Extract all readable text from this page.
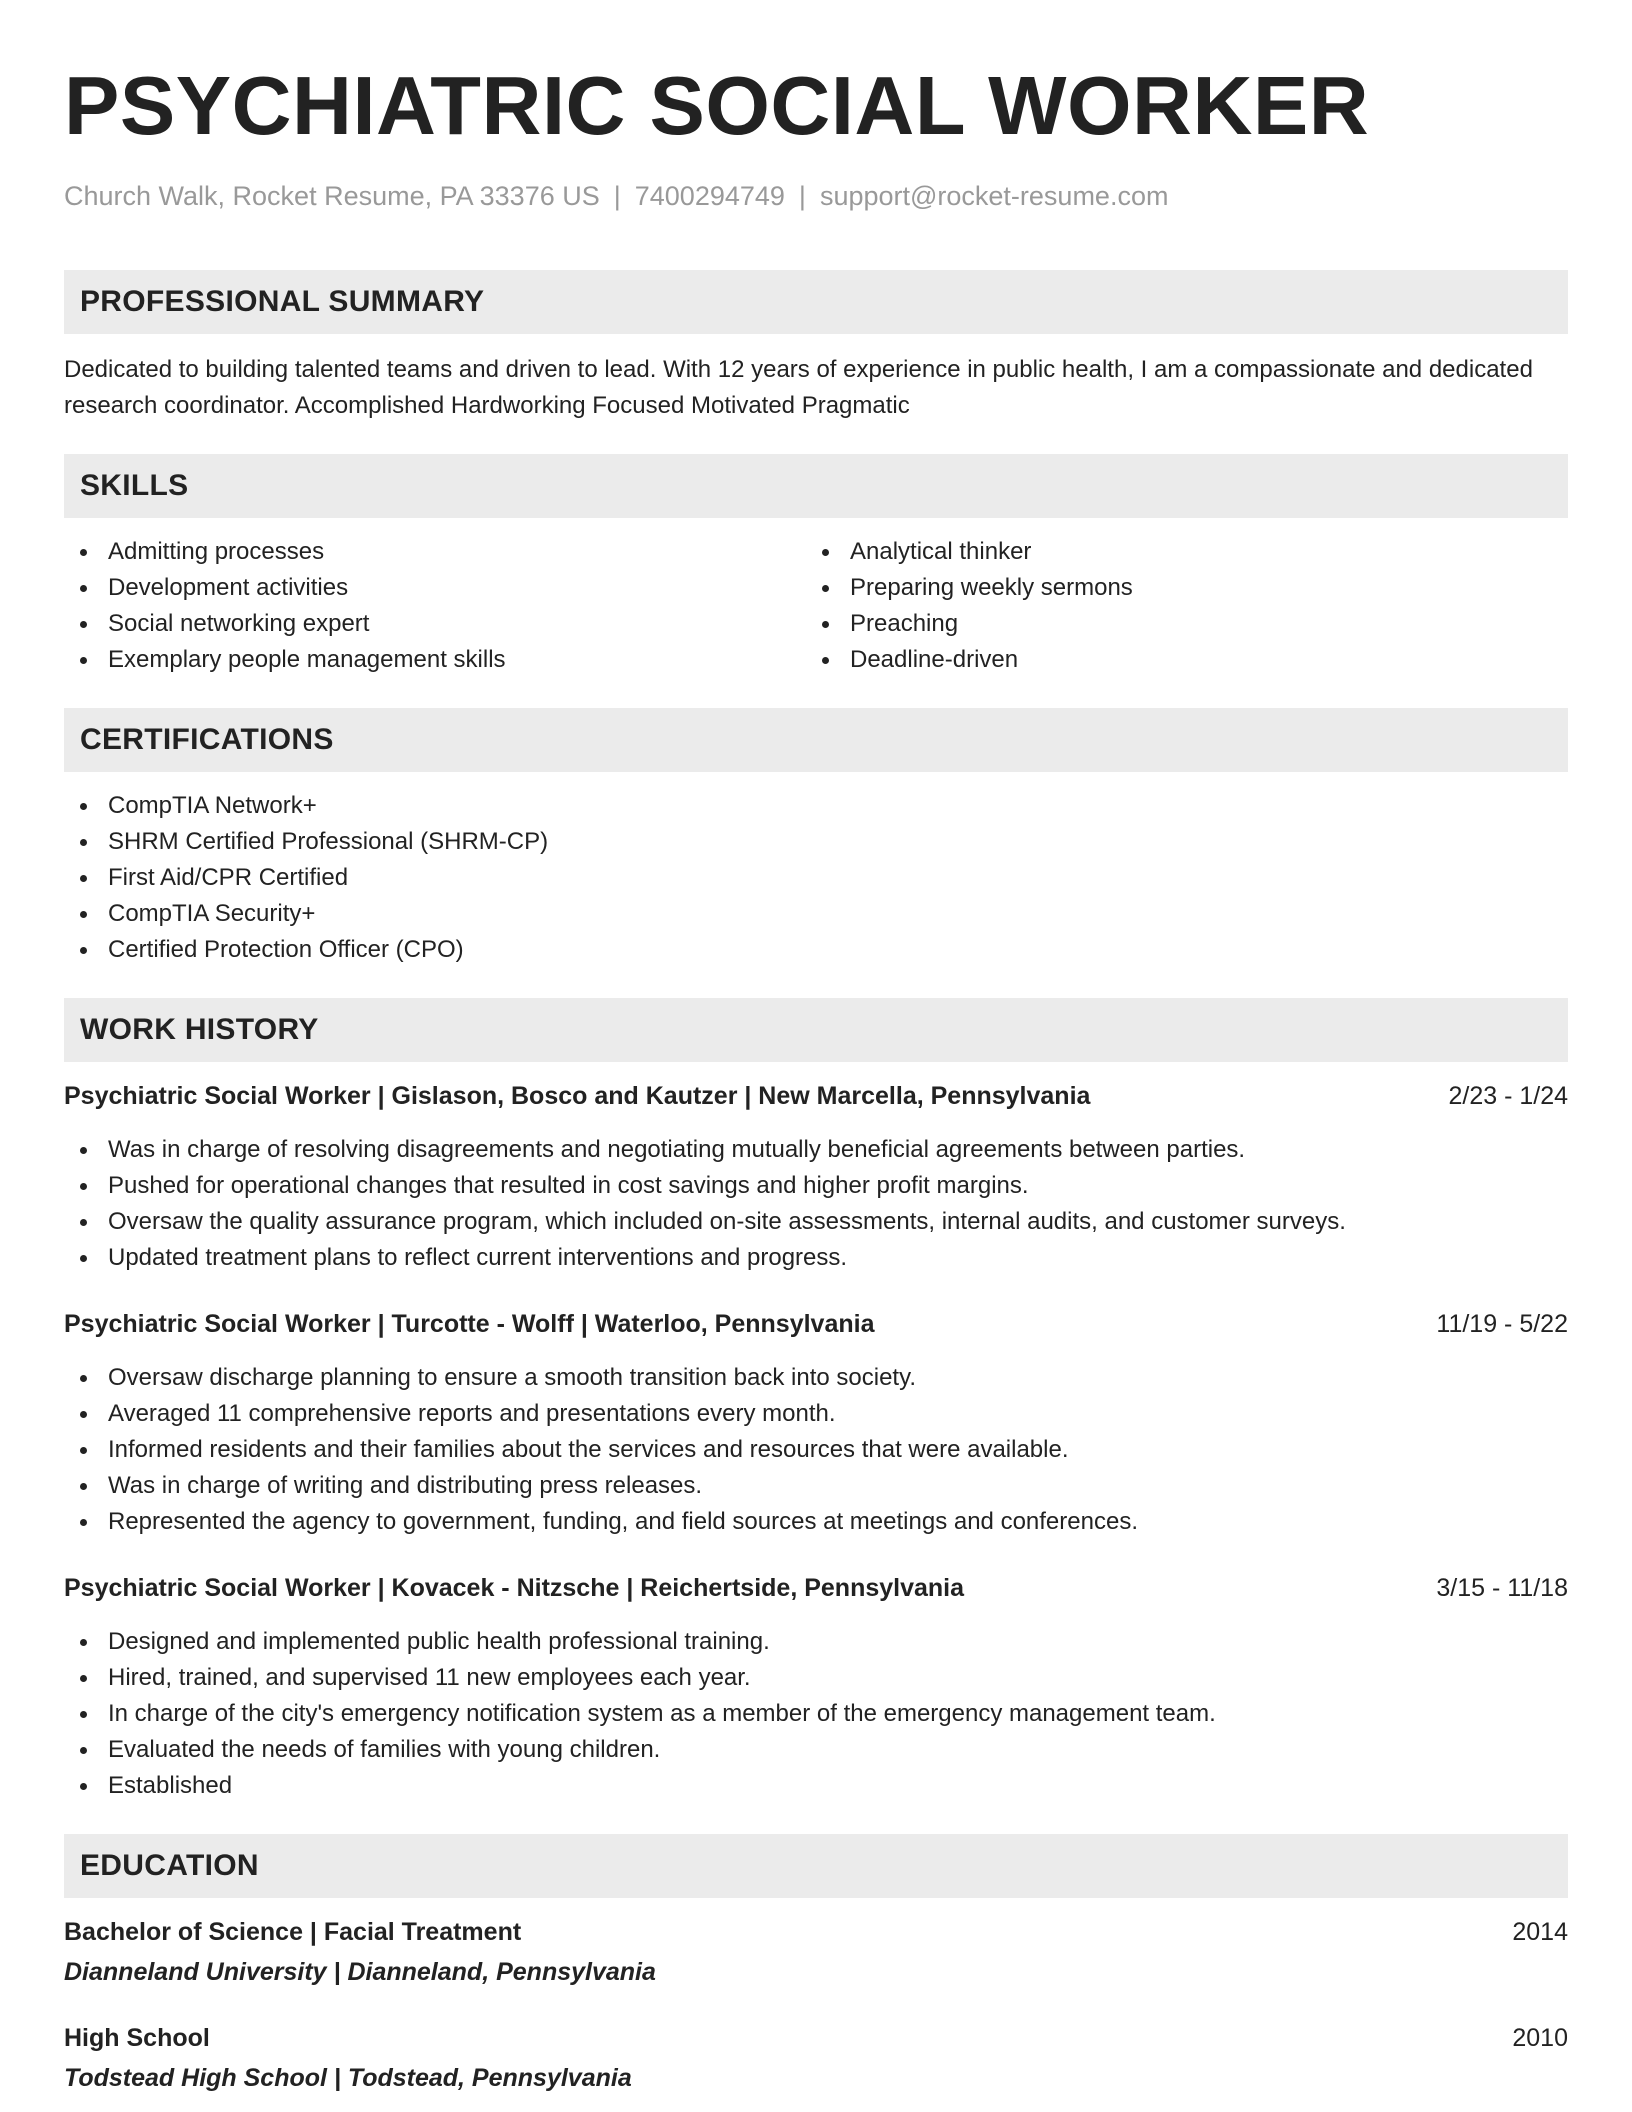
PSYCHIATRIC SOCIAL WORKER
Church Walk, Rocket Resume, PA 33376 US | 7400294749 | support@rocket-resume.com
PROFESSIONAL SUMMARY

Dedicated to building talented teams and driven to lead. With 12 years of experience in public health, I am a compassionate and dedicated research coordinator. Accomplished Hardworking Focused Motivated Pragmatic

SKILLS
Admitting processes
Development activities
Social networking expert
Exemplary people management skills
Analytical thinker
Preparing weekly sermons
Preaching
Deadline-driven
CERTIFICATIONS
CompTIA Network+
SHRM Certified Professional (SHRM-CP)
First Aid/CPR Certified
CompTIA Security+
Certified Protection Officer (CPO)
WORK HISTORY
Psychiatric Social Worker | Gislason, Bosco and Kautzer | New Marcella, Pennsylvania	2/23 - 1/24
Was in charge of resolving disagreements and negotiating mutually beneficial agreements between parties.
Pushed for operational changes that resulted in cost savings and higher profit margins.
Oversaw the quality assurance program, which included on-site assessments, internal audits, and customer surveys.
Updated treatment plans to reflect current interventions and progress.
Psychiatric Social Worker | Turcotte - Wolff | Waterloo, Pennsylvania	11/19 - 5/22
Oversaw discharge planning to ensure a smooth transition back into society.
Averaged 11 comprehensive reports and presentations every month.
Informed residents and their families about the services and resources that were available.
Was in charge of writing and distributing press releases.
Represented the agency to government, funding, and field sources at meetings and conferences.
Psychiatric Social Worker | Kovacek - Nitzsche | Reichertside, Pennsylvania	3/15 - 11/18
Designed and implemented public health professional training.
Hired, trained, and supervised 11 new employees each year.
In charge of the city's emergency notification system as a member of the emergency management team.
Evaluated the needs of families with young children.
Established
EDUCATION
Bachelor of Science | Facial Treatment	2014
Dianneland University | Dianneland, Pennsylvania
High School	2010
Todstead High School | Todstead, Pennsylvania
